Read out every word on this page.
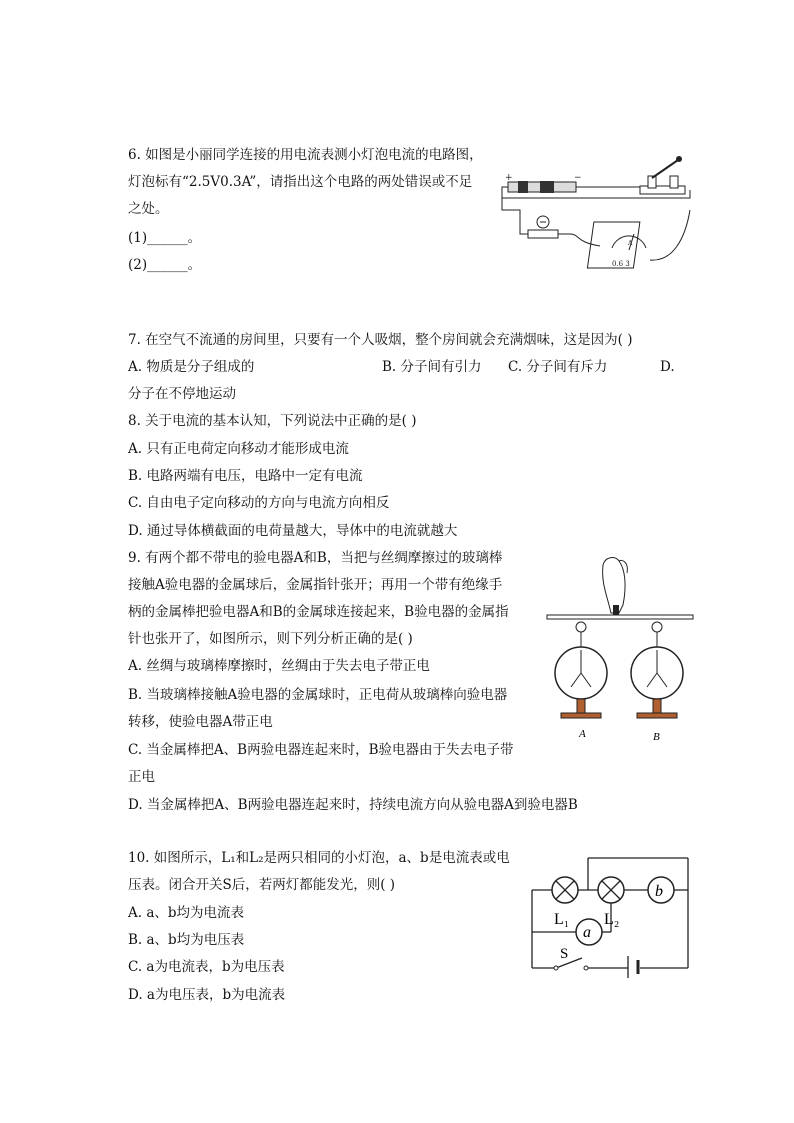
6. 如图是小丽同学连接的用电流表测小灯泡电流的电路图，
灯泡标有“2.5V0.3A”，请指出这个电路的两处错误或不足
之处。
(1)______。
(2)______。
+	−
A
0.6 3
7. 在空气不流通的房间里，只要有一个人吸烟，整个房间就会充满烟味，这是因为( )
A. 物质是分子组成的	B. 分子间有引力 C. 分子间有斥力	D.
分子在不停地运动
8. 关于电流的基本认知，下列说法中正确的是( )
A. 只有正电荷定向移动才能形成电流
B. 电路两端有电压，电路中一定有电流
C. 自由电子定向移动的方向与电流方向相反
D. 通过导体横截面的电荷量越大，导体中的电流就越大
9. 有两个都不带电的验电器A和B，当把与丝绸摩擦过的玻璃棒
接触A验电器的金属球后，金属指针张开；再用一个带有绝缘手
柄的金属棒把验电器A和B的金属球连接起来，B验电器的金属指
针也张开了，如图所示，则下列分析正确的是( )
A. 丝绸与玻璃棒摩擦时，丝绸由于失去电子带正电
B. 当玻璃棒接触A验电器的金属球时，正电荷从玻璃棒向验电器
转移，使验电器A带正电
C. 当金属棒把A、B两验电器连起来时，B验电器由于失去电子带
正电
D. 当金属棒把A、B两验电器连起来时，持续电流方向从验电器A到验电器B
A	B
10. 如图所示，L₁和L₂是两只相同的小灯泡，a、b是电流表或电
压表。闭合开关S后，若两灯都能发光，则( )
A. a、b均为电流表
B. a、b均为电压表
C. a为电流表，b为电压表
D. a为电压表，b为电流表
b
a
L₁ L₂
S
